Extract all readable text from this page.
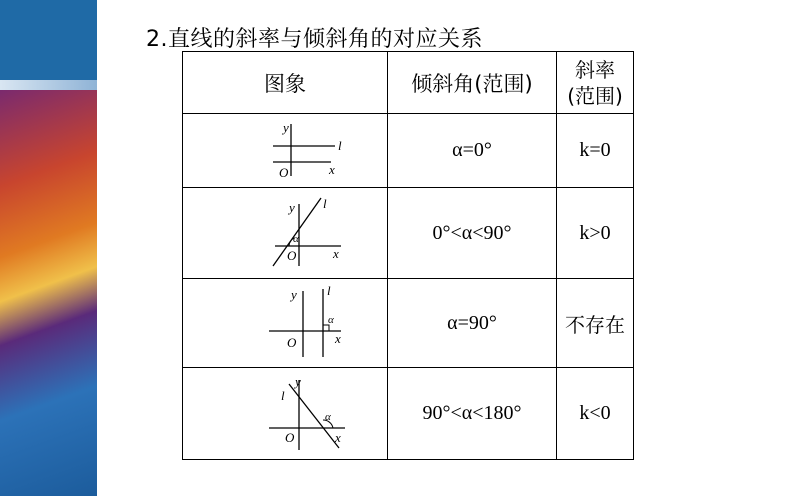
2.直线的斜率与倾斜角的对应关系
图象	倾斜角(范围)	斜率
(范围)

y
l
x
O	α=0°	k=0

y l
α
x
O	0°<α<90°	k>0

y l
α
x
O	α=90°	不存在

y
l
α
x
O	90°<α<180°	k<0
